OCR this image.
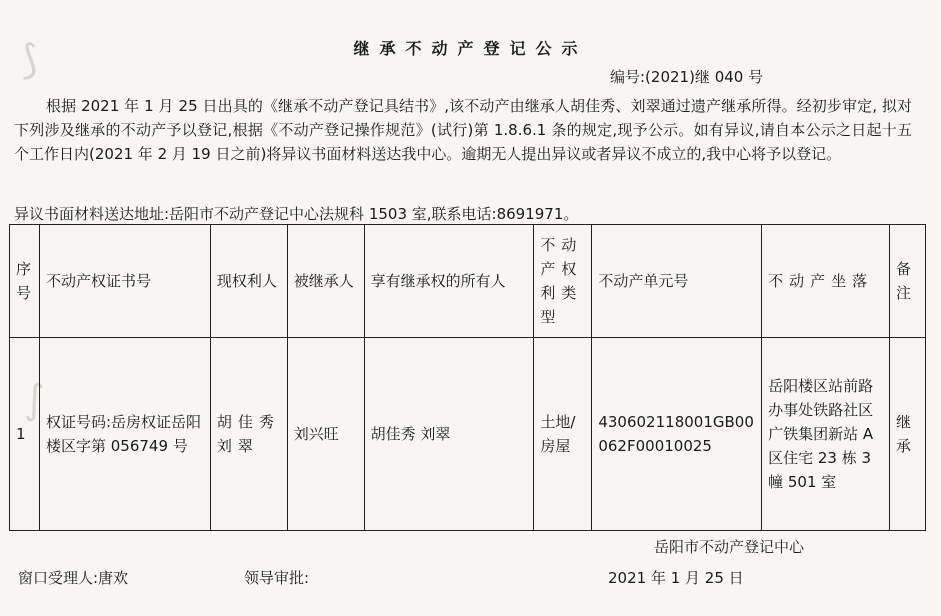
⟆
∫
继承不动产登记公示
编号:(2021)继 040 号
根据 2021 年 1 月 25 日出具的《继承不动产登记具结书》,该不动产由继承人胡佳秀、刘翠通过遗产继承所得。经初步审定, 拟对下列涉及继承的不动产予以登记,根据《不动产登记操作规范》(试行)第 1.8.6.1 条的规定,现予公示。如有异议,请自本公示之日起十五个工作日内(2021 年 2 月 19 日之前)将异议书面材料送达我中心。逾期无人提出异议或者异议不成立的,我中心将予以登记。
异议书面材料送达地址:岳阳市不动产登记中心法规科 1503 室,联系电话:8691971。
序号	不动产权证书号	现权利人	被继承人	享有继承权的所有人	不动产权利类型	不动产单元号	不动产坐落	备注
1	权证号码:岳房权证岳阳楼区字第 056749 号	胡佳秀 刘翠	刘兴旺	胡佳秀 刘翠	土地/房屋	430602118001GB00062F00010025	岳阳楼区站前路办事处铁路社区广铁集团新站 A 区住宅 23 栋 3 幢 501 室	继承
岳阳市不动产登记中心
窗口受理人:唐欢	领导审批:	2021 年 1 月 25 日
